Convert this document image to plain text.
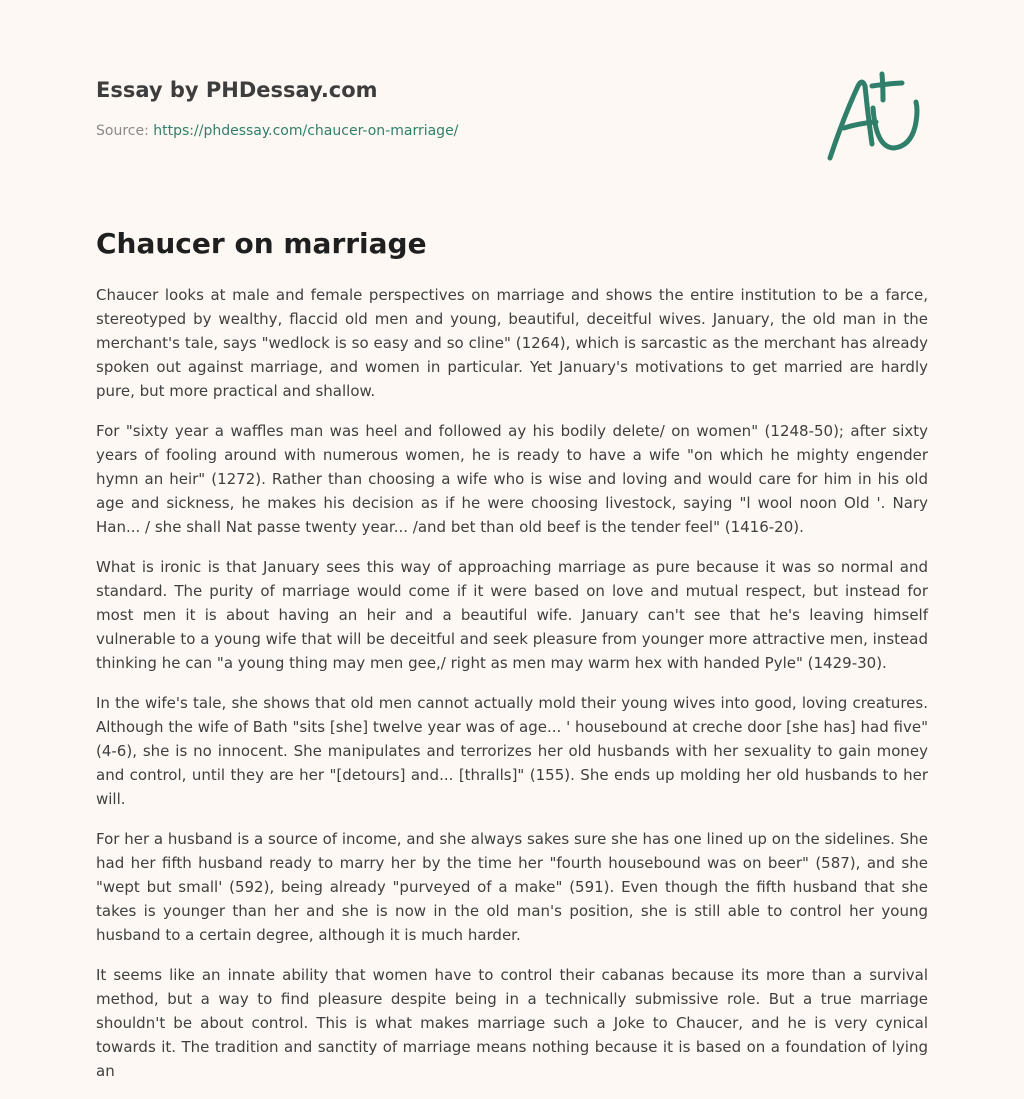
Essay by PHDessay.com
Source: https://phdessay.com/chaucer-on-marriage/
Chaucer on marriage

Chaucer looks at male and female perspectives on marriage and shows the entire institution to be a farce, stereotyped by wealthy, flaccid old men and young, beautiful, deceitful wives. January, the old man in the merchant's tale, says "wedlock is so easy and so cline" (1264), which is sarcastic as the merchant has already spoken out against marriage, and women in particular. Yet January's motivations to get married are hardly pure, but more practical and shallow.

For "sixty year a waffles man was heel and followed ay his bodily delete/ on women" (1248-50); after sixty years of fooling around with numerous women, he is ready to have a wife "on which he mighty engender hymn an heir" (1272). Rather than choosing a wife who is wise and loving and would care for him in his old age and sickness, he makes his decision as if he were choosing livestock, saying "l wool noon Old '. Nary Han... / she shall Nat passe twenty year... /and bet than old beef is the tender feel" (1416-20).

What is ironic is that January sees this way of approaching marriage as pure because it was so normal and standard. The purity of marriage would come if it were based on love and mutual respect, but instead for most men it is about having an heir and a beautiful wife. January can't see that he's leaving himself vulnerable to a young wife that will be deceitful and seek pleasure from younger more attractive men, instead thinking he can "a young thing may men gee,/ right as men may warm hex with handed Pyle" (1429-30).

In the wife's tale, she shows that old men cannot actually mold their young wives into good, loving creatures. Although the wife of Bath "sits [she] twelve year was of age... ' housebound at creche door [she has] had five" (4-6), she is no innocent. She manipulates and terrorizes her old husbands with her sexuality to gain money and control, until they are her "[detours] and... [thralls]" (155). She ends up molding her old husbands to her will.

For her a husband is a source of income, and she always sakes sure she has one lined up on the sidelines. She had her fifth husband ready to marry her by the time her "fourth housebound was on beer" (587), and she "wept but small' (592), being already "purveyed of a make" (591). Even though the fifth husband that she takes is younger than her and she is now in the old man's position, she is still able to control her young husband to a certain degree, although it is much harder.

It seems like an innate ability that women have to control their cabanas because its more than a survival method, but a way to find pleasure despite being in a technically submissive role. But a true marriage shouldn't be about control. This is what makes marriage such a Joke to Chaucer, and he is very cynical towards it. The tradition and sanctity of marriage means nothing because it is based on a foundation of lying an
